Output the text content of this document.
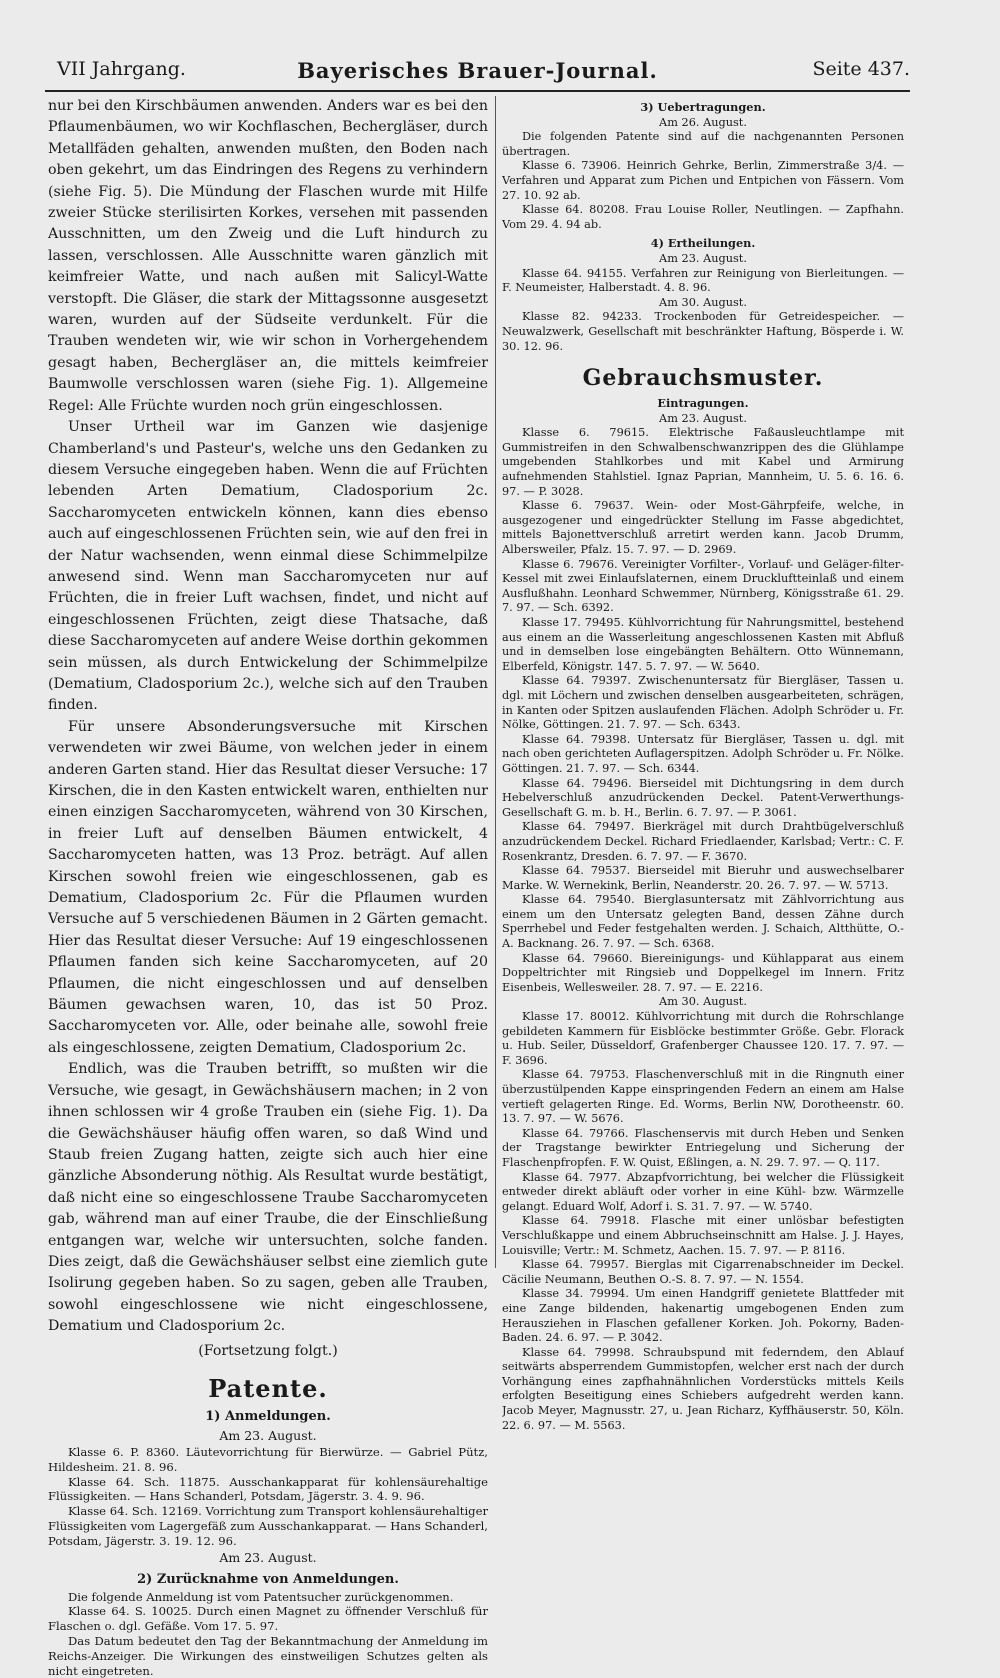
VII Jahrgang.	Bayerisches Brauer-Journal.	Seite 437.

nur bei den Kirschbäumen anwenden. Anders war es bei den Pflaumenbäumen, wo wir Kochflaschen, Bechergläser, durch Metallfäden gehalten, anwenden mußten, den Boden nach oben gekehrt, um das Eindringen des Regens zu verhindern (siehe Fig. 5). Die Mündung der Flaschen wurde mit Hilfe zweier Stücke sterilisirten Korkes, versehen mit passenden Ausschnitten, um den Zweig und die Luft hindurch zu lassen, verschlossen. Alle Ausschnitte waren gänzlich mit keimfreier Watte, und nach außen mit Salicyl-Watte verstopft. Die Gläser, die stark der Mittagssonne ausgesetzt waren, wurden auf der Südseite verdunkelt. Für die Trauben wendeten wir, wie wir schon in Vorhergehendem gesagt haben, Bechergläser an, die mittels keimfreier Baumwolle verschlossen waren (siehe Fig. 1). Allgemeine Regel: Alle Früchte wurden noch grün eingeschlossen.

Unser Urtheil war im Ganzen wie dasjenige Chamberland's und Pasteur's, welche uns den Gedanken zu diesem Versuche eingegeben haben. Wenn die auf Früchten lebenden Arten Dematium, Cladosporium 2c. Saccharomyceten entwickeln können, kann dies ebenso auch auf eingeschlossenen Früchten sein, wie auf den frei in der Natur wachsenden, wenn einmal diese Schimmelpilze anwesend sind. Wenn man Saccharomyceten nur auf Früchten, die in freier Luft wachsen, findet, und nicht auf eingeschlossenen Früchten, zeigt diese Thatsache, daß diese Saccharomyceten auf andere Weise dorthin gekommen sein müssen, als durch Entwickelung der Schimmelpilze (Dematium, Cladosporium 2c.), welche sich auf den Trauben finden.

Für unsere Absonderungsversuche mit Kirschen verwendeten wir zwei Bäume, von welchen jeder in einem anderen Garten stand. Hier das Resultat dieser Versuche: 17 Kirschen, die in den Kasten entwickelt waren, enthielten nur einen einzigen Saccharomyceten, während von 30 Kirschen, in freier Luft auf denselben Bäumen entwickelt, 4 Saccharomyceten hatten, was 13 Proz. beträgt. Auf allen Kirschen sowohl freien wie eingeschlossenen, gab es Dematium, Cladosporium 2c. Für die Pflaumen wurden Versuche auf 5 verschiedenen Bäumen in 2 Gärten gemacht. Hier das Resultat dieser Versuche: Auf 19 eingeschlossenen Pflaumen fanden sich keine Saccharomyceten, auf 20 Pflaumen, die nicht eingeschlossen und auf denselben Bäumen gewachsen waren, 10, das ist 50 Proz. Saccharomyceten vor. Alle, oder beinahe alle, sowohl freie als eingeschlossene, zeigten Dematium, Cladosporium 2c.

Endlich, was die Trauben betrifft, so mußten wir die Versuche, wie gesagt, in Gewächshäusern machen; in 2 von ihnen schlossen wir 4 große Trauben ein (siehe Fig. 1). Da die Gewächshäuser häufig offen waren, so daß Wind und Staub freien Zugang hatten, zeigte sich auch hier eine gänzliche Absonderung nöthig. Als Resultat wurde bestätigt, daß nicht eine so eingeschlossene Traube Saccharomyceten gab, während man auf einer Traube, die der Einschließung entgangen war, welche wir untersuchten, solche fanden. Dies zeigt, daß die Gewächshäuser selbst eine ziemlich gute Isolirung gegeben haben. So zu sagen, geben alle Trauben, sowohl eingeschlossene wie nicht eingeschlossene, Dematium und Cladosporium 2c.

(Fortsetzung folgt.)
Patente.
1) Anmeldungen.

Am 23. August.

Klasse 6. P. 8360. Läutevorrichtung für Bierwürze. — Gabriel Pütz, Hildesheim. 21. 8. 96.

Klasse 64. Sch. 11875. Ausschankapparat für kohlensäurehaltige Flüssigkeiten. — Hans Schanderl, Potsdam, Jägerstr. 3. 4. 9. 96.

Klasse 64. Sch. 12169. Vorrichtung zum Transport kohlensäurehaltiger Flüssigkeiten vom Lagergefäß zum Ausschankapparat. — Hans Schanderl, Potsdam, Jägerstr. 3. 19. 12. 96.

Am 23. August.

2) Zurücknahme von Anmeldungen.

Die folgende Anmeldung ist vom Patentsucher zurückgenommen.

Klasse 64. S. 10025. Durch einen Magnet zu öffnender Verschluß für Flaschen o. dgl. Gefäße. Vom 17. 5. 97.

Das Datum bedeutet den Tag der Bekanntmachung der Anmeldung im Reichs-Anzeiger. Die Wirkungen des einstweiligen Schutzes gelten als nicht eingetreten.

3) Uebertragungen.

Am 26. August.

Die folgenden Patente sind auf die nachgenannten Personen übertragen.

Klasse 6. 73906. Heinrich Gehrke, Berlin, Zimmerstraße 3/4. — Verfahren und Apparat zum Pichen und Entpichen von Fässern. Vom 27. 10. 92 ab.

Klasse 64. 80208. Frau Louise Roller, Neutlingen. — Zapfhahn. Vom 29. 4. 94 ab.

4) Ertheilungen.

Am 23. August.

Klasse 64. 94155. Verfahren zur Reinigung von Bierleitungen. — F. Neumeister, Halberstadt. 4. 8. 96.

Am 30. August.

Klasse 82. 94233. Trockenboden für Getreidespeicher. — Neuwalzwerk, Gesellschaft mit beschränkter Haftung, Bösperde i. W. 30. 12. 96.

Gebrauchsmuster.
Eintragungen.

Am 23. August.

Klasse 6. 79615. Elektrische Faßausleuchtlampe mit Gummistreifen in den Schwalbenschwanzrippen des die Glühlampe umgebenden Stahlkorbes und mit Kabel und Armirung aufnehmenden Stahlstiel. Ignaz Paprian, Mannheim, U. 5. 6. 16. 6. 97. — P. 3028.

Klasse 6. 79637. Wein- oder Most-Gährpfeife, welche, in ausgezogener und eingedrückter Stellung im Fasse abgedichtet, mittels Bajonettverschluß arretirt werden kann. Jacob Drumm, Albersweiler, Pfalz. 15. 7. 97. — D. 2969.

Klasse 6. 79676. Vereinigter Vorfilter-, Vorlauf- und Geläger-filter-Kessel mit zwei Einlaufslaternen, einem Druckluftteinlaß und einem Ausflußhahn. Leonhard Schwemmer, Nürnberg, Königsstraße 61. 29. 7. 97. — Sch. 6392.

Klasse 17. 79495. Kühlvorrichtung für Nahrungsmittel, bestehend aus einem an die Wasserleitung angeschlossenen Kasten mit Abfluß und in demselben lose eingebängten Behältern. Otto Wünnemann, Elberfeld, Königstr. 147. 5. 7. 97. — W. 5640.

Klasse 64. 79397. Zwischenuntersatz für Biergläser, Tassen u. dgl. mit Löchern und zwischen denselben ausgearbeiteten, schrägen, in Kanten oder Spitzen auslaufenden Flächen. Adolph Schröder u. Fr. Nölke, Göttingen. 21. 7. 97. — Sch. 6343.

Klasse 64. 79398. Untersatz für Biergläser, Tassen u. dgl. mit nach oben gerichteten Auflagerspitzen. Adolph Schröder u. Fr. Nölke. Göttingen. 21. 7. 97. — Sch. 6344.

Klasse 64. 79496. Bierseidel mit Dichtungsring in dem durch Hebelverschluß anzudrückenden Deckel. Patent-Verwerthungs-Gesellschaft G. m. b. H., Berlin. 6. 7. 97. — P. 3061.

Klasse 64. 79497. Bierkrägel mit durch Drahtbügelverschluß anzudrückendem Deckel. Richard Friedlaender, Karlsbad; Vertr.: C. F. Rosenkrantz, Dresden. 6. 7. 97. — F. 3670.

Klasse 64. 79537. Bierseidel mit Bieruhr und auswechselbarer Marke. W. Wernekink, Berlin, Neanderstr. 20. 26. 7. 97. — W. 5713.

Klasse 64. 79540. Bierglasuntersatz mit Zählvorrichtung aus einem um den Untersatz gelegten Band, dessen Zähne durch Sperrhebel und Feder festgehalten werden. J. Schaich, Altthütte, O.-A. Backnang. 26. 7. 97. — Sch. 6368.

Klasse 64. 79660. Biereinigungs- und Kühlapparat aus einem Doppeltrichter mit Ringsieb und Doppelkegel im Innern. Fritz Eisenbeis, Wellesweiler. 28. 7. 97. — E. 2216.

Am 30. August.

Klasse 17. 80012. Kühlvorrichtung mit durch die Rohrschlange gebildeten Kammern für Eisblöcke bestimmter Größe. Gebr. Florack u. Hub. Seiler, Düsseldorf, Grafenberger Chaussee 120. 17. 7. 97. — F. 3696.

Klasse 64. 79753. Flaschenverschluß mit in die Ringnuth einer überzustülpenden Kappe einspringenden Federn an einem am Halse vertieft gelagerten Ringe. Ed. Worms, Berlin NW, Dorotheenstr. 60. 13. 7. 97. — W. 5676.

Klasse 64. 79766. Flaschenservis mit durch Heben und Senken der Tragstange bewirkter Entriegelung und Sicherung der Flaschenpfropfen. F. W. Quist, Eßlingen, a. N. 29. 7. 97. — Q. 117.

Klasse 64. 7977. Abzapfvorrichtung, bei welcher die Flüssigkeit entweder direkt abläuft oder vorher in eine Kühl- bzw. Wärmzelle gelangt. Eduard Wolf, Adorf i. S. 31. 7. 97. — W. 5740.

Klasse 64. 79918. Flasche mit einer unlösbar befestigten Verschlußkappe und einem Abbruchseinschnitt am Halse. J. J. Hayes, Louisville; Vertr.: M. Schmetz, Aachen. 15. 7. 97. — P. 8116.

Klasse 64. 79957. Bierglas mit Cigarrenabschneider im Deckel. Cäcilie Neumann, Beuthen O.-S. 8. 7. 97. — N. 1554.

Klasse 34. 79994. Um einen Handgriff genietete Blattfeder mit eine Zange bildenden, hakenartig umgebogenen Enden zum Herausziehen in Flaschen gefallener Korken. Joh. Pokorny, Baden-Baden. 24. 6. 97. — P. 3042.

Klasse 64. 79998. Schraubspund mit federndem, den Ablauf seitwärts absperrendem Gummistopfen, welcher erst nach der durch Vorhängung eines zapfhahnähnlichen Vorderstücks mittels Keils erfolgten Beseitigung eines Schiebers aufgedreht werden kann. Jacob Meyer, Magnusstr. 27, u. Jean Richarz, Kyffhäuserstr. 50, Köln. 22. 6. 97. — M. 5563.
